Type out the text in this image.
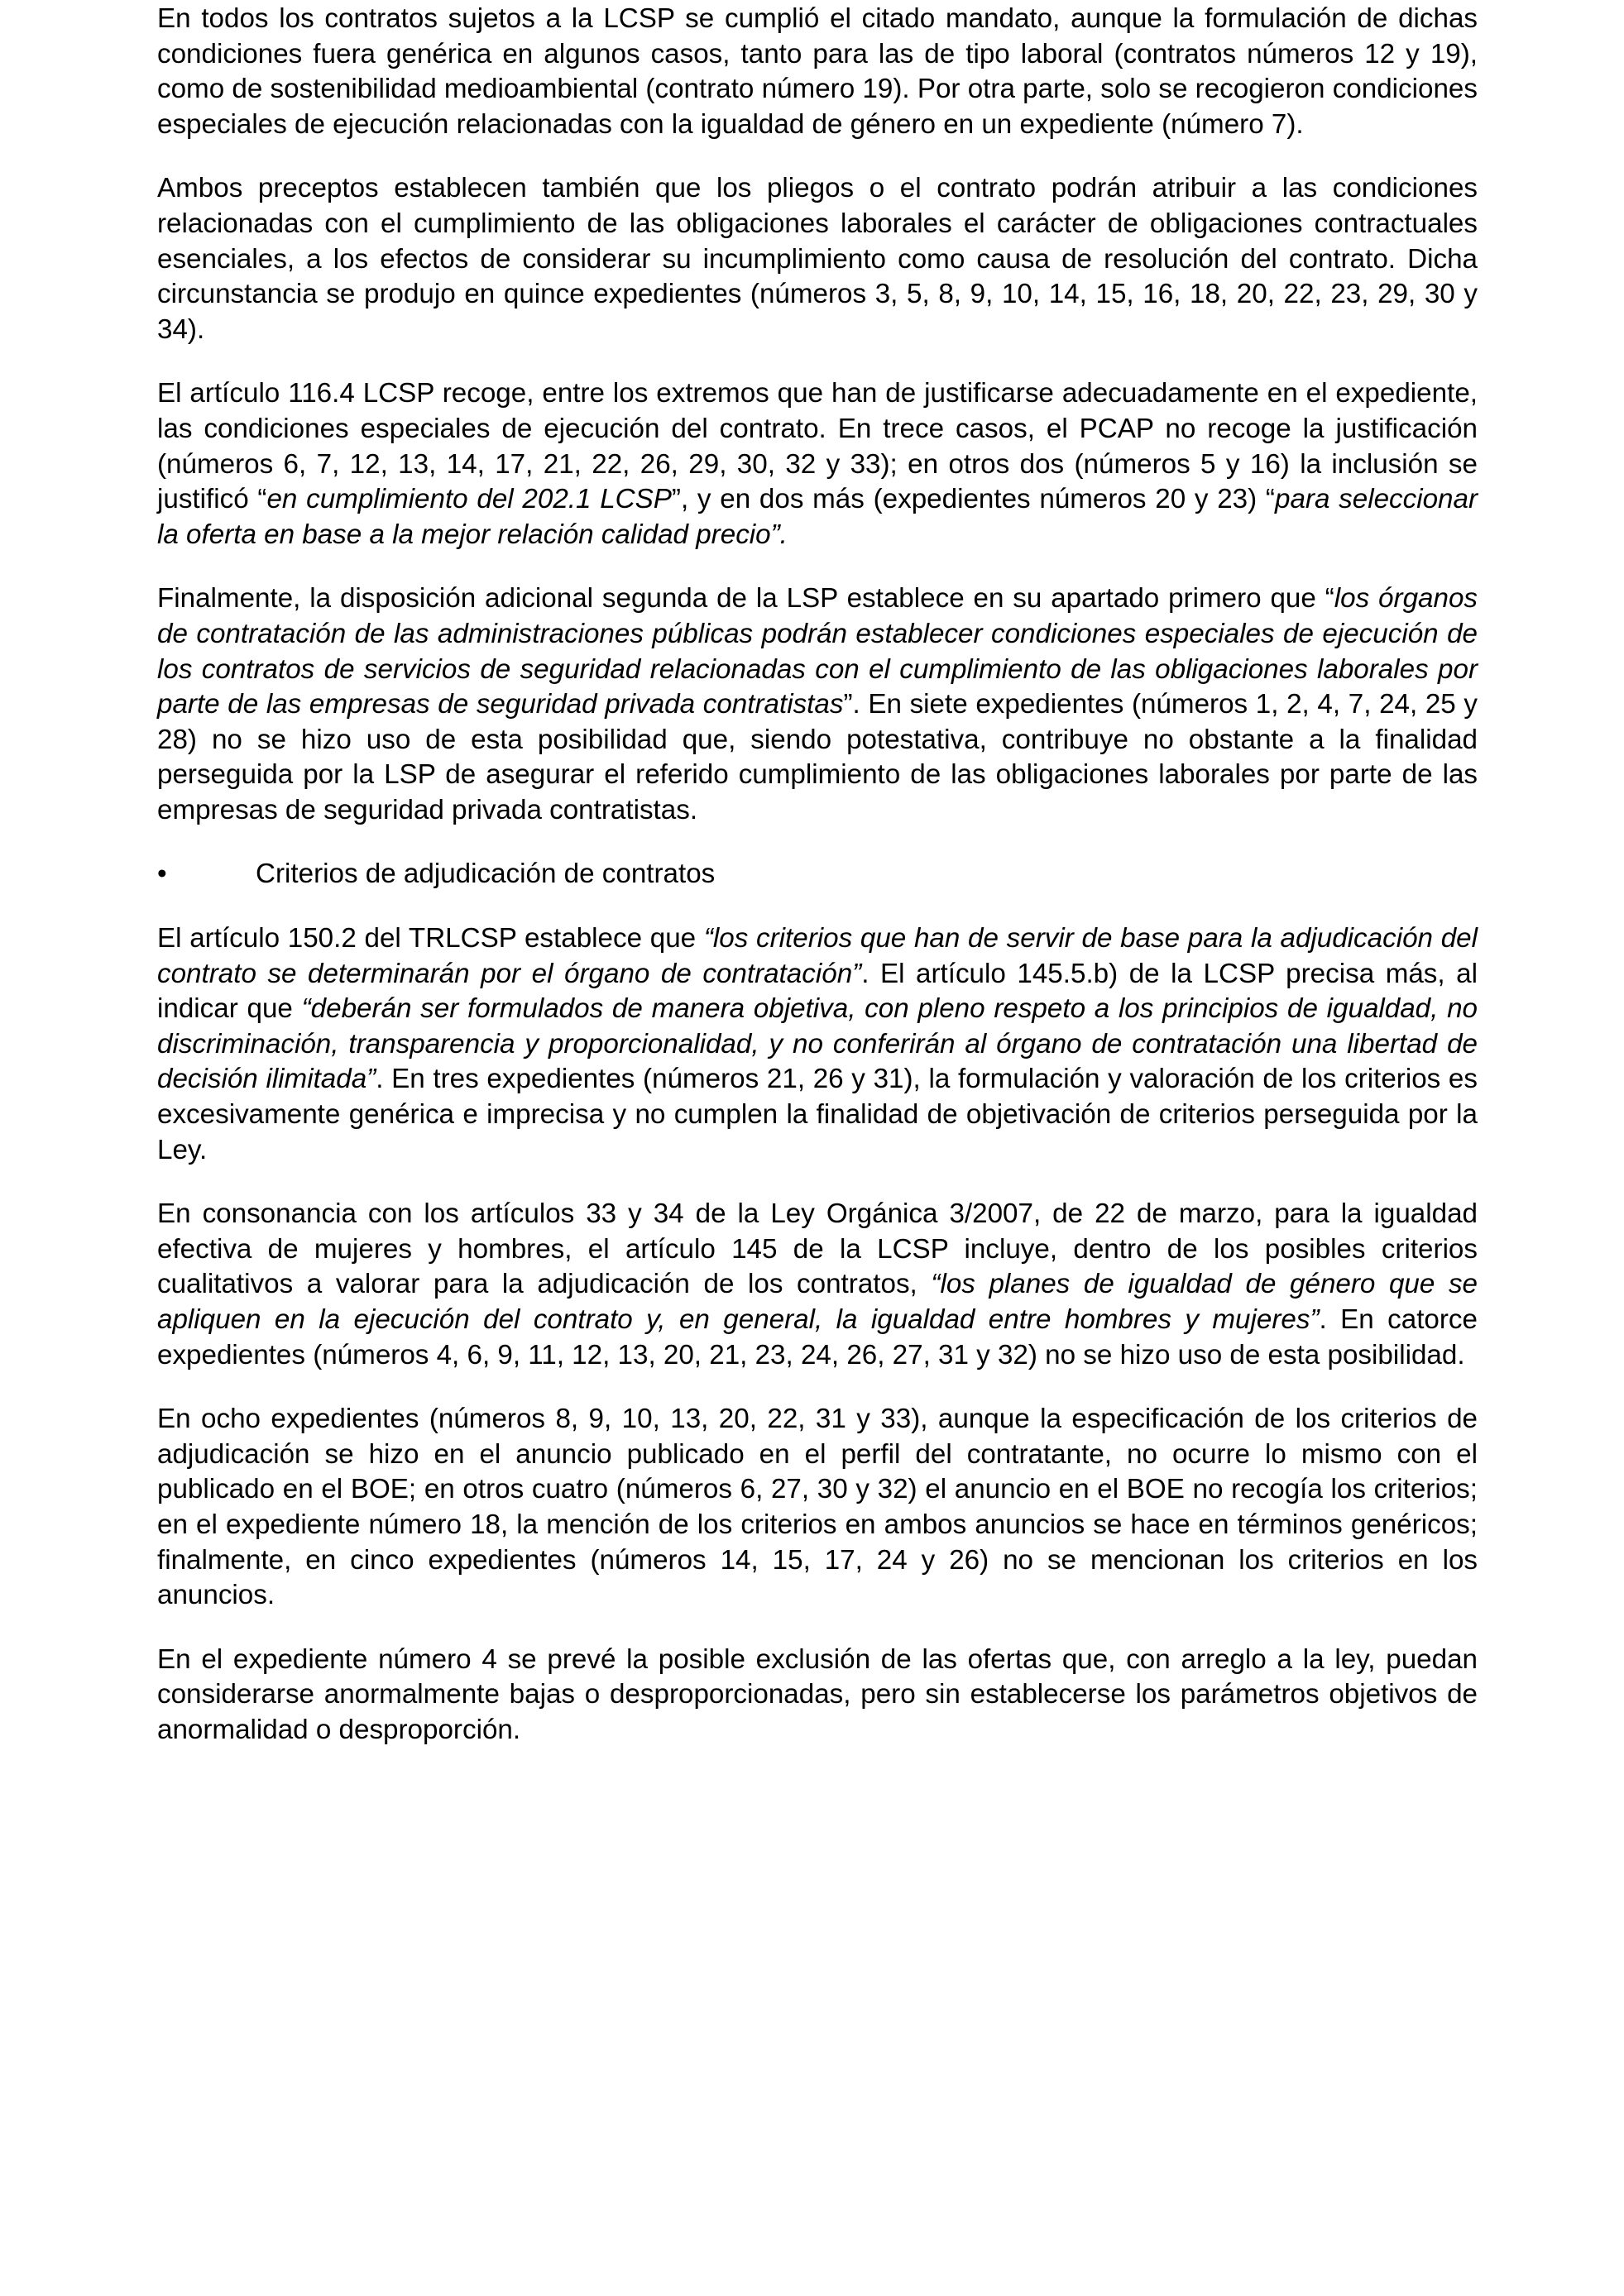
En todos los contratos sujetos a la LCSP se cumplió el citado mandato, aunque la formulación de dichas condiciones fuera genérica en algunos casos, tanto para las de tipo laboral (contratos números 12 y 19), como de sostenibilidad medioambiental (contrato número 19). Por otra parte, solo se recogieron condiciones especiales de ejecución relacionadas con la igualdad de género en un expediente (número 7).

Ambos preceptos establecen también que los pliegos o el contrato podrán atribuir a las condiciones relacionadas con el cumplimiento de las obligaciones laborales el carácter de obligaciones contractuales esenciales, a los efectos de considerar su incumplimiento como causa de resolución del contrato. Dicha circunstancia se produjo en quince expedientes (números 3, 5, 8, 9, 10, 14, 15, 16, 18, 20, 22, 23, 29, 30 y 34).

El artículo 116.4 LCSP recoge, entre los extremos que han de justificarse adecuadamente en el expediente, las condiciones especiales de ejecución del contrato. En trece casos, el PCAP no recoge la justificación (números 6, 7, 12, 13, 14, 17, 21, 22, 26, 29, 30, 32 y 33); en otros dos (números 5 y 16) la inclusión se justificó “en cumplimiento del 202.1 LCSP”, y en dos más (expedientes números 20 y 23) “para seleccionar la oferta en base a la mejor relación calidad precio”.

Finalmente, la disposición adicional segunda de la LSP establece en su apartado primero que “los órganos de contratación de las administraciones públicas podrán establecer condiciones especiales de ejecución de los contratos de servicios de seguridad relacionadas con el cumplimiento de las obligaciones laborales por parte de las empresas de seguridad privada contratistas”. En siete expedientes (números 1, 2, 4, 7, 24, 25 y 28) no se hizo uso de esta posibilidad que, siendo potestativa, contribuye no obstante a la finalidad perseguida por la LSP de asegurar el referido cumplimiento de las obligaciones laborales por parte de las empresas de seguridad privada contratistas.

•	Criterios de adjudicación de contratos

El artículo 150.2 del TRLCSP establece que “los criterios que han de servir de base para la adjudicación del contrato se determinarán por el órgano de contratación”. El artículo 145.5.b) de la LCSP precisa más, al indicar que “deberán ser formulados de manera objetiva, con pleno respeto a los principios de igualdad, no discriminación, transparencia y proporcionalidad, y no conferirán al órgano de contratación una libertad de decisión ilimitada”. En tres expedientes (números 21, 26 y 31), la formulación y valoración de los criterios es excesivamente genérica e imprecisa y no cumplen la finalidad de objetivación de criterios perseguida por la Ley.

En consonancia con los artículos 33 y 34 de la Ley Orgánica 3/2007, de 22 de marzo, para la igualdad efectiva de mujeres y hombres, el artículo 145 de la LCSP incluye, dentro de los posibles criterios cualitativos a valorar para la adjudicación de los contratos, “los planes de igualdad de género que se apliquen en la ejecución del contrato y, en general, la igualdad entre hombres y mujeres”. En catorce expedientes (números 4, 6, 9, 11, 12, 13, 20, 21, 23, 24, 26, 27, 31 y 32) no se hizo uso de esta posibilidad.

En ocho expedientes (números 8, 9, 10, 13, 20, 22, 31 y 33), aunque la especificación de los criterios de adjudicación se hizo en el anuncio publicado en el perfil del contratante, no ocurre lo mismo con el publicado en el BOE; en otros cuatro (números 6, 27, 30 y 32) el anuncio en el BOE no recogía los criterios; en el expediente número 18, la mención de los criterios en ambos anuncios se hace en términos genéricos; finalmente, en cinco expedientes (números 14, 15, 17, 24 y 26) no se mencionan los criterios en los anuncios.

En el expediente número 4 se prevé la posible exclusión de las ofertas que, con arreglo a la ley, puedan considerarse anormalmente bajas o desproporcionadas, pero sin establecerse los parámetros objetivos de anormalidad o desproporción.
